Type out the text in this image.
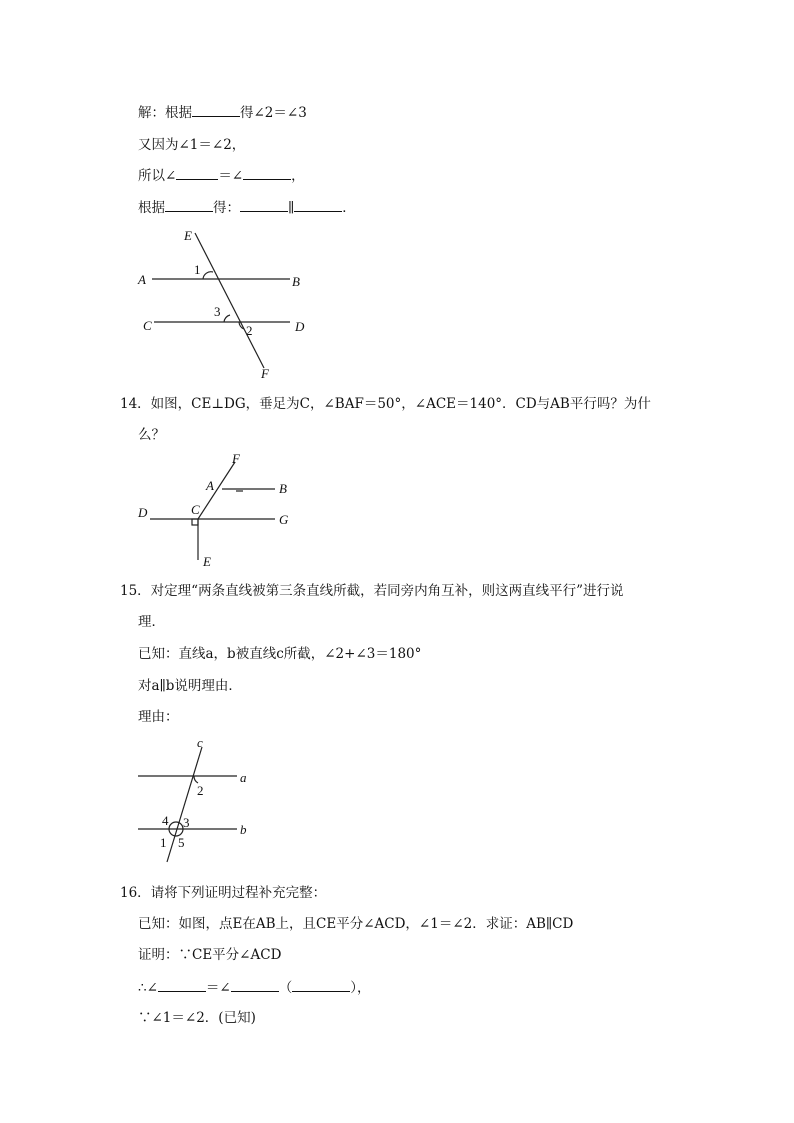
解：根据	得∠2＝∠3
又因为∠1＝∠2，
所以∠	＝∠	，
根据	得：	∥	．
E
A	B
C	D
F
1
2
3
14．如图，CE⊥DG，垂足为C，∠BAF＝50°，∠ACE＝140°．CD与AB平行吗？为什
么？
F
A	B
D	C
G
E
15．对定理“两条直线被第三条直线所截，若同旁内角互补，则这两直线平行”进行说
理．
已知：直线a，b被直线c所截，∠2+∠3＝180°
对a∥b说明理由．
理由：
c
a
b
2
3
4
1 5
16．请将下列证明过程补充完整：
已知：如图，点E在AB上，且CE平分∠ACD，∠1＝∠2．求证：AB∥CD
证明：∵CE平分∠ACD
∴∠	＝∠	（	），
∵∠1＝∠2．(已知)
